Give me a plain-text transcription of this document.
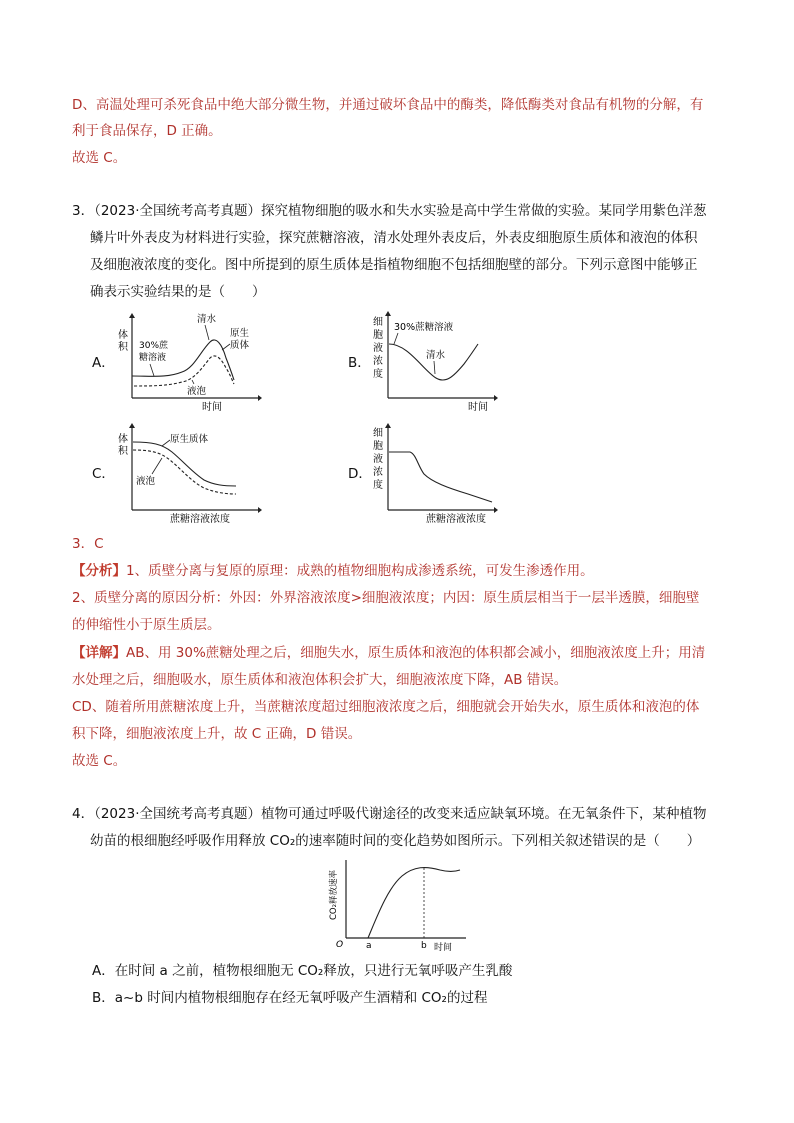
D、高温处理可杀死食品中绝大部分微生物，并通过破坏食品中的酶类，降低酶类对食品有机物的分解，有
利于食品保存，D 正确。
故选 C。
3．（2023·全国统考高考真题）探究植物细胞的吸水和失水实验是高中学生常做的实验。某同学用紫色洋葱
鳞片叶外表皮为材料进行实验，探究蔗糖溶液，清水处理外表皮后，外表皮细胞原生质体和液泡的体积
及细胞液浓度的变化。图中所提到的原生质体是指植物细胞不包括细胞壁的部分。下列示意图中能够正
确表示实验结果的是（　　）
A．
体
积 30%蔗
糖溶液
清水
原生
质体
液泡
时间
B．
细
胞
液
浓
度
30%蔗糖溶液
清水
时间
C．
体
积
原生质体
液泡
蔗糖溶液浓度
D．
细
胞
液
浓
度
蔗糖溶液浓度
3．C
【分析】1、质壁分离与复原的原理：成熟的植物细胞构成渗透系统，可发生渗透作用。
2、质壁分离的原因分析：外因：外界溶液浓度>细胞液浓度；内因：原生质层相当于一层半透膜，细胞壁
的伸缩性小于原生质层。
【详解】AB、用 30%蔗糖处理之后，细胞失水，原生质体和液泡的体积都会减小，细胞液浓度上升；用清
水处理之后，细胞吸水，原生质体和液泡体积会扩大，细胞液浓度下降，AB 错误。
CD、随着所用蔗糖浓度上升，当蔗糖浓度超过细胞液浓度之后，细胞就会开始失水，原生质体和液泡的体
积下降，细胞液浓度上升，故 C 正确，D 错误。
故选 C。
4．（2023·全国统考高考真题）植物可通过呼吸代谢途径的改变来适应缺氧环境。在无氧条件下，某种植物
幼苗的根细胞经呼吸作用释放 CO₂的速率随时间的变化趋势如图所示。下列相关叙述错误的是（　　）
CO₂释放速率
O	a	b 时间
A．在时间 a 之前，植物根细胞无 CO₂释放，只进行无氧呼吸产生乳酸
B．a~b 时间内植物根细胞存在经无氧呼吸产生酒精和 CO₂的过程
